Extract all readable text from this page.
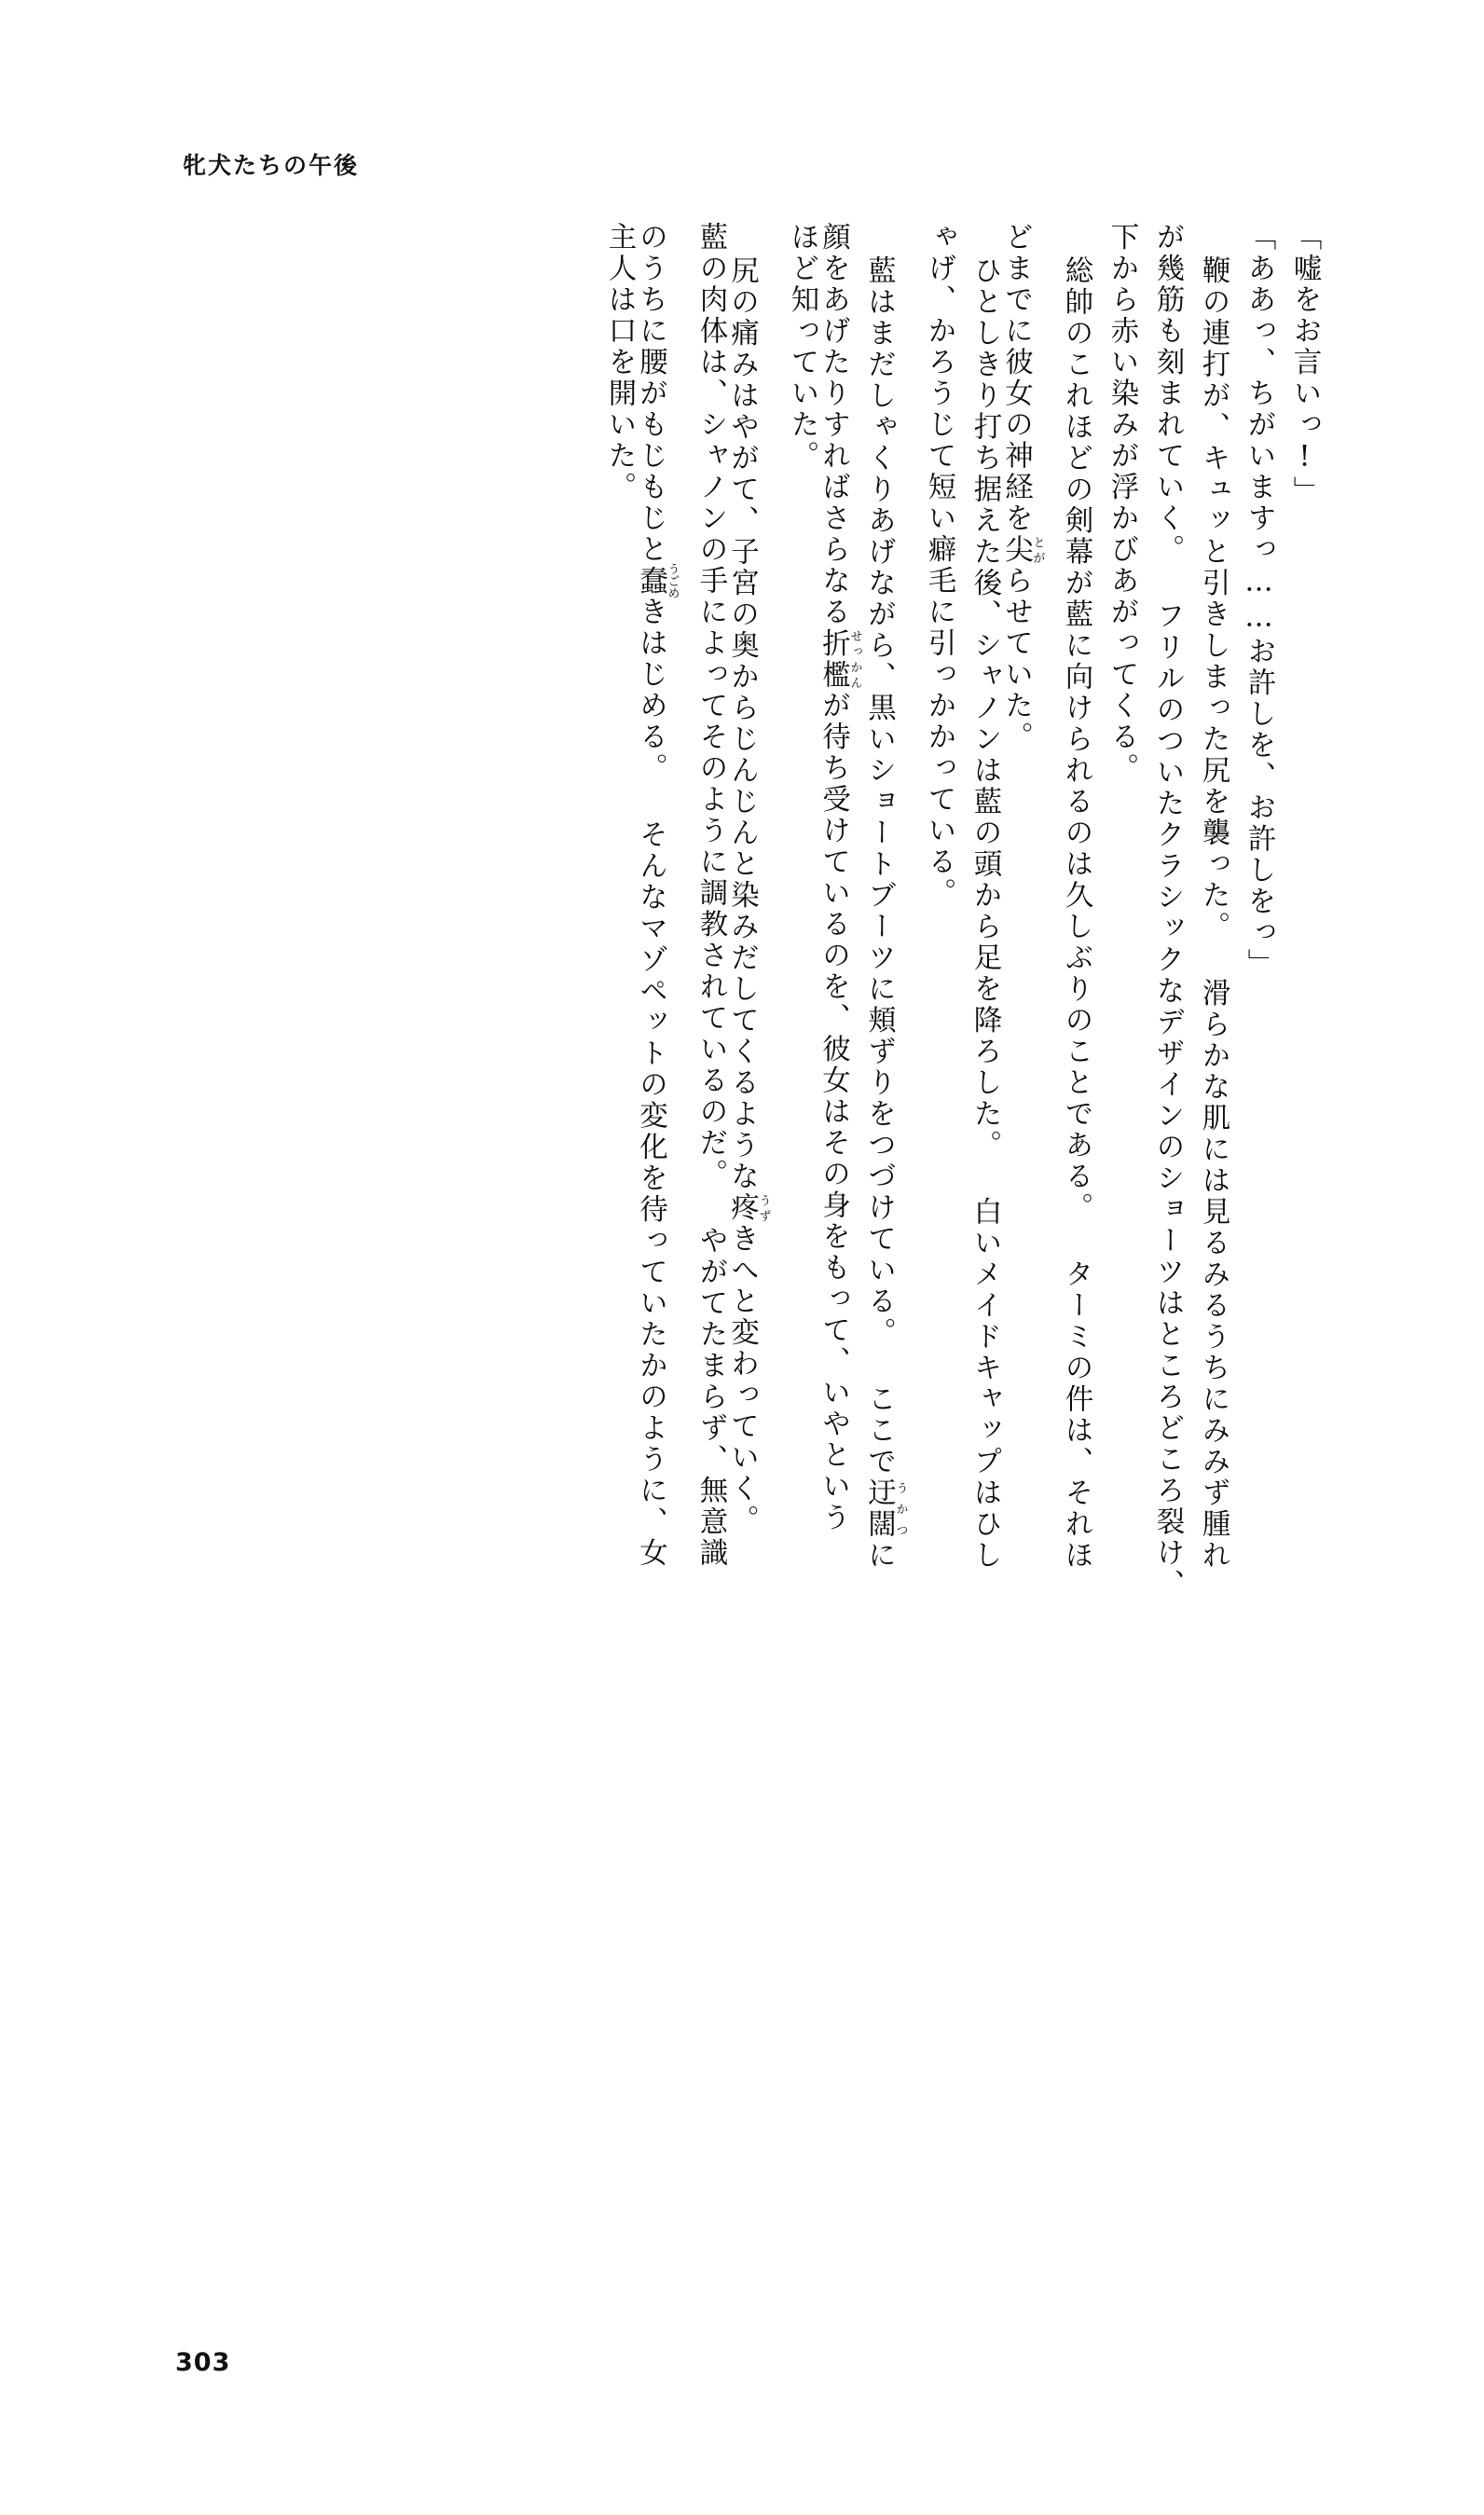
牝犬たちの午後
「嘘をお言いっ!」
「ああっ、ちがいますっ……お許しを、お許しをっ」
鞭の連打が、キュッと引きしまった尻を襲った。 滑らかな肌には見るみるうちにみみず腫れ
が幾筋も刻まれていく。 フリルのついたクラシックなデザインのショーツはところどころ裂け、
下から赤い染みが浮かびあがってくる。
総帥のこれほどの剣幕が藍に向けられるのは久しぶりのことである。 ターミの件は、それほ
どまでに彼女の神経を尖とがらせていた。
ひとしきり打ち据えた後、シャノンは藍の頭から足を降ろした。 白いメイドキャップはひし
ゃげ、かろうじて短い癖毛に引っかかっている。
藍はまだしゃくりあげながら、黒いショートブーツに頬ずりをつづけている。 ここで迂闊うかつに
顔をあげたりすればさらなる折檻せっかんが待ち受けているのを、彼女はその身をもって、いやという
ほど知っていた。
尻の痛みはやがて、子宮の奥からじんじんと染みだしてくるような疼うずきへと変わっていく。
藍の肉体は、シャノンの手によってそのように調教されているのだ。 やがてたまらず、無意識
のうちに腰がもじもじと蠢うごめきはじめる。 そんなマゾペットの変化を待っていたかのように、女
主人は口を開いた。
303
